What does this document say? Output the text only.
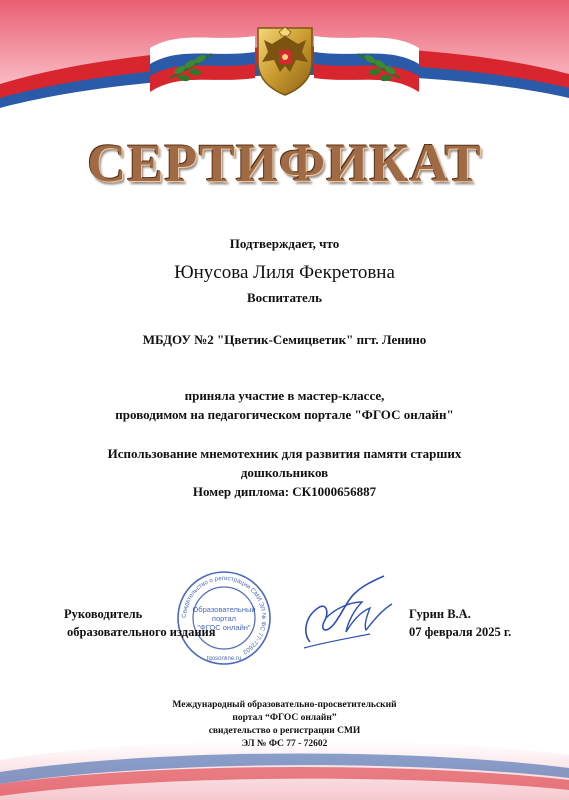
СЕРТИФИКАТ
Подтверждает, что
Юнусова Лиля Фекретовна
Воспитатель
МБДОУ №2 "Цветик-Семицветик" пгт. Ленино
приняла участие в мастер-классе,
проводимом на педагогическом портале "ФГОС онлайн"
Использование мнемотехник для развития памяти старших
дошкольников
Номер диплома: СК1000656887
Свидетельство о регистрации СМИ ЭЛ № ФС 77-72602
Образовательный
портал
"ФГОС онлайн"
fgosonline.ru
Руководитель
образовательного издания
Гурин В.А.
07 февраля 2025 г.
Международный образовательно-просветительский
портал “ФГОС онлайн”
свидетельство о регистрации СМИ
ЭЛ № ФС 77 - 72602
